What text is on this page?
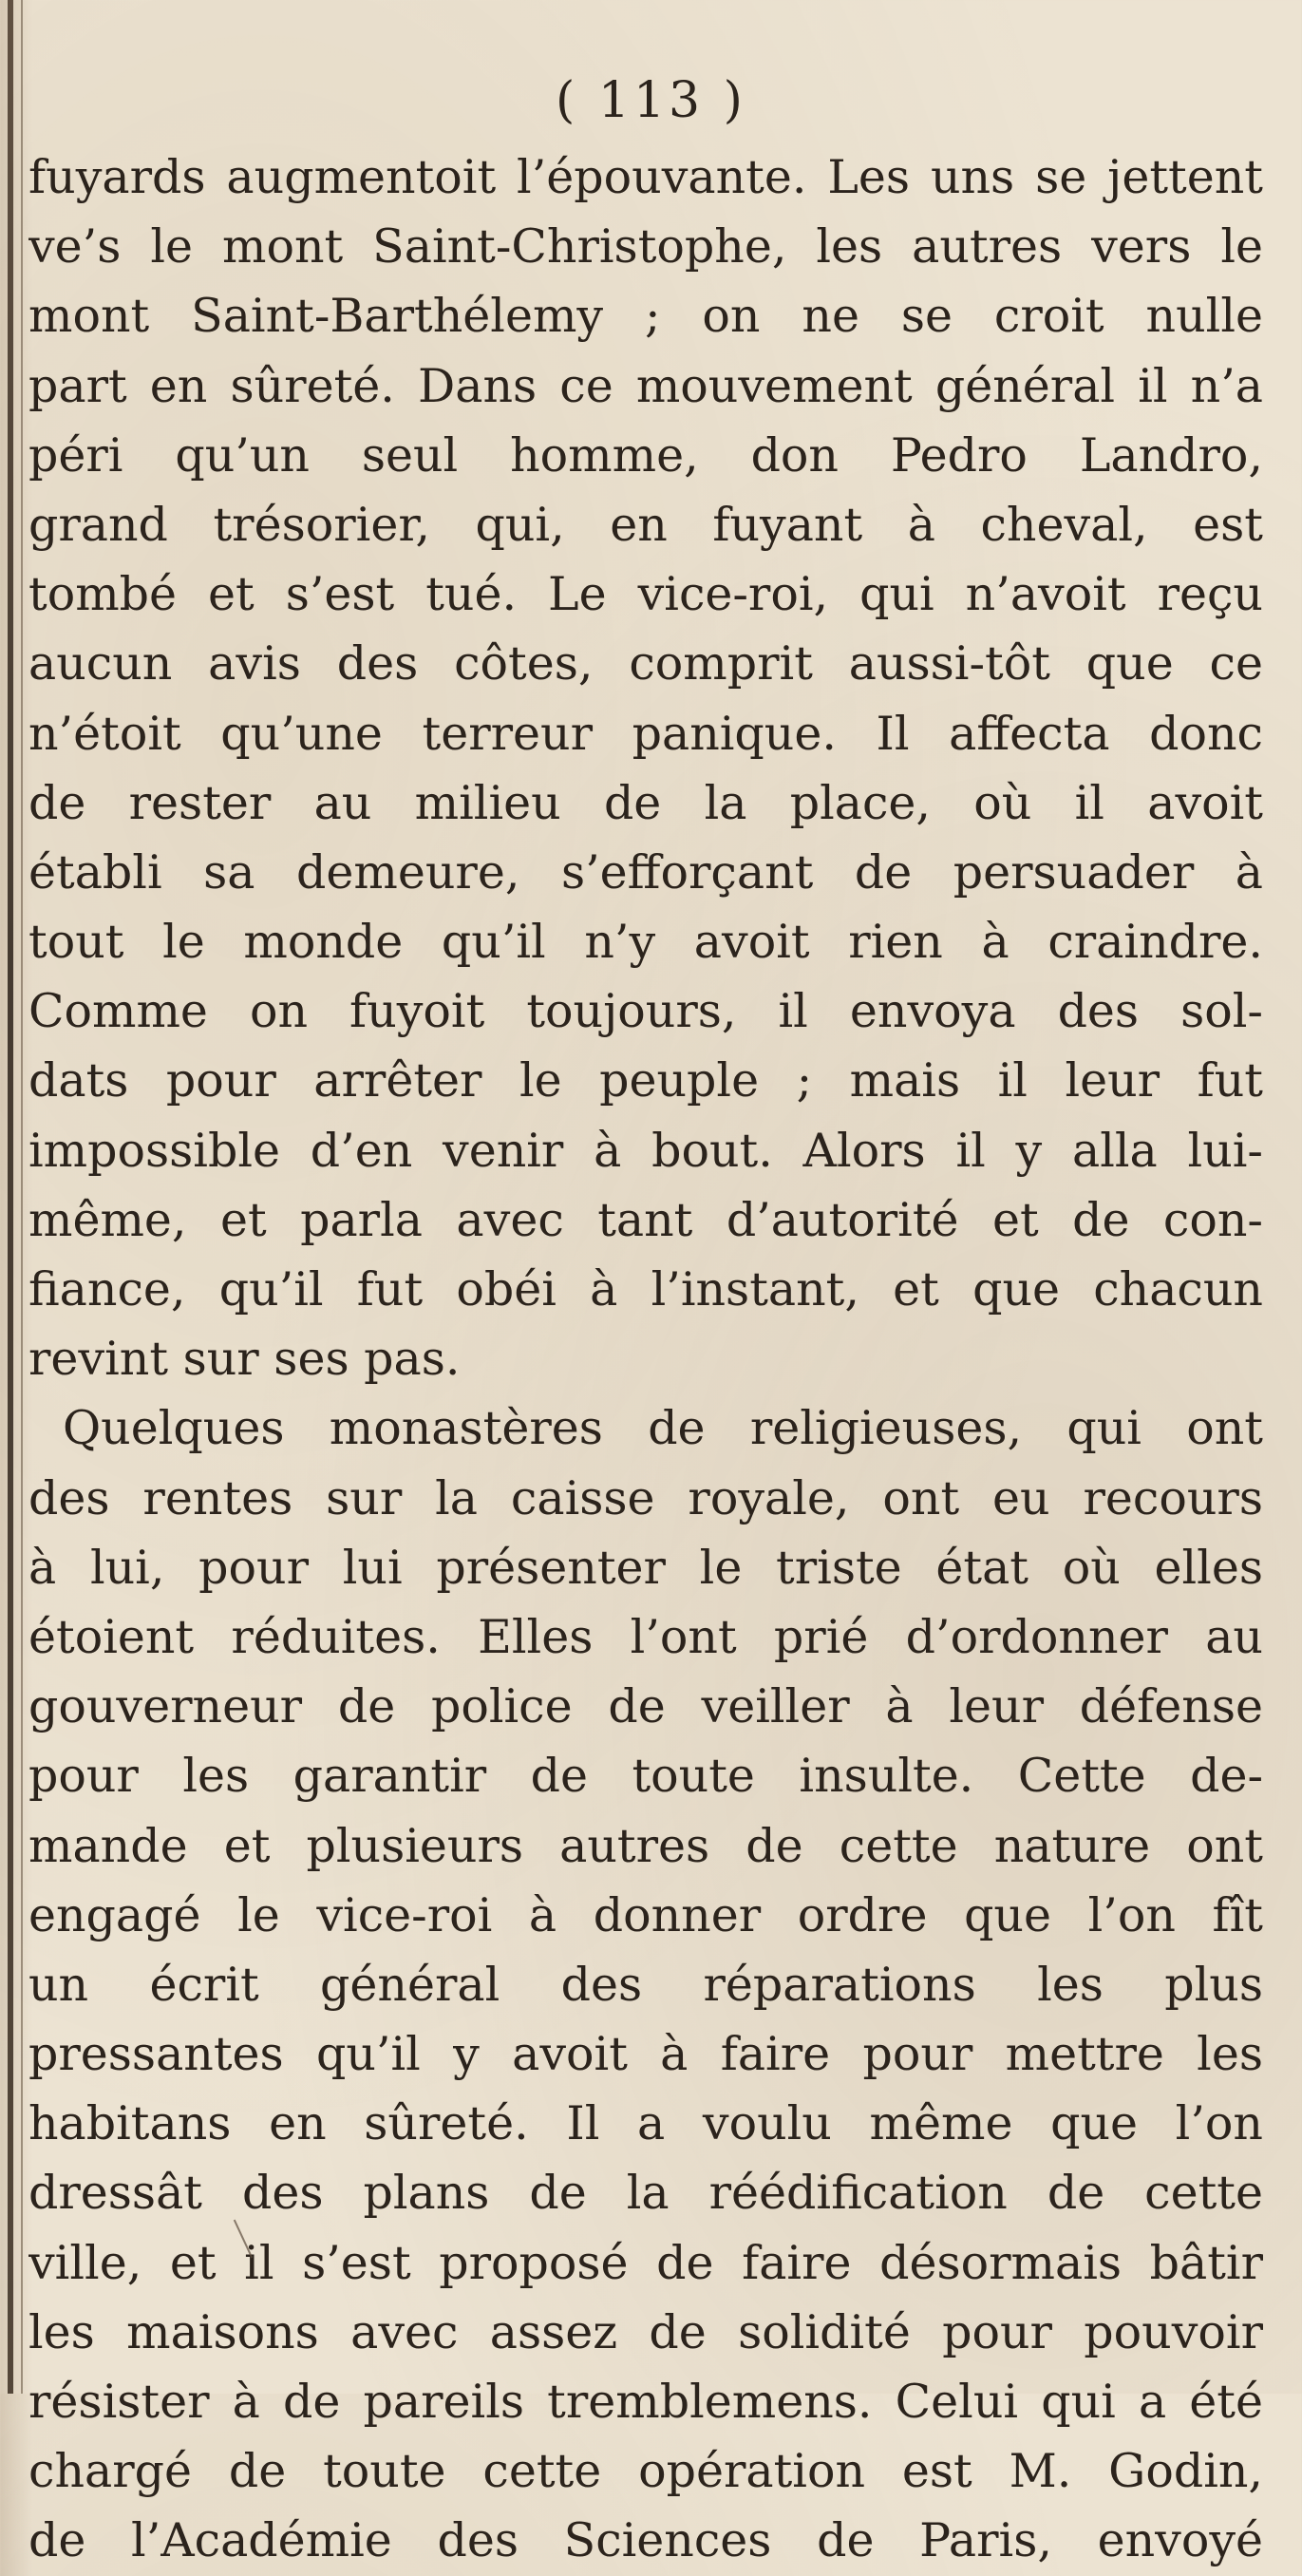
( 113 )
fuyards augmentoit l’épouvante. Les uns se jettent
ve’s le mont Saint-Christophe, les autres vers le
mont Saint-Barthélemy ; on ne se croit nulle
part en sûreté. Dans ce mouvement général il n’a
péri qu’un seul homme, don Pedro Landro,
grand trésorier, qui, en fuyant à cheval, est
tombé et s’est tué. Le vice-roi, qui n’avoit reçu
aucun avis des côtes, comprit aussi-tôt que ce
n’étoit qu’une terreur panique. Il affecta donc
de rester au milieu de la place, où il avoit
établi sa demeure, s’efforçant de persuader à
tout le monde qu’il n’y avoit rien à craindre.
Comme on fuyoit toujours, il envoya des sol-
dats pour arrêter le peuple ; mais il leur fut
impossible d’en venir à bout. Alors il y alla lui-
même, et parla avec tant d’autorité et de con-
fiance, qu’il fut obéi à l’instant, et que chacun
revint sur ses pas.
Quelques monastères de religieuses, qui ont
des rentes sur la caisse royale, ont eu recours
à lui, pour lui présenter le triste état où elles
étoient réduites. Elles l’ont prié d’ordonner au
gouverneur de police de veiller à leur défense
pour les garantir de toute insulte. Cette de-
mande et plusieurs autres de cette nature ont
engagé le vice-roi à donner ordre que l’on fît
un écrit général des réparations les plus
pressantes qu’il y avoit à faire pour mettre les
habitans en sûreté. Il a voulu même que l’on
dressât des plans de la réédification de cette
ville, et il s’est proposé de faire désormais bâtir
les maisons avec assez de solidité pour pouvoir
résister à de pareils tremblemens. Celui qui a été
chargé de toute cette opération est M. Godin,
de l’Académie des Sciences de Paris, envoyé
